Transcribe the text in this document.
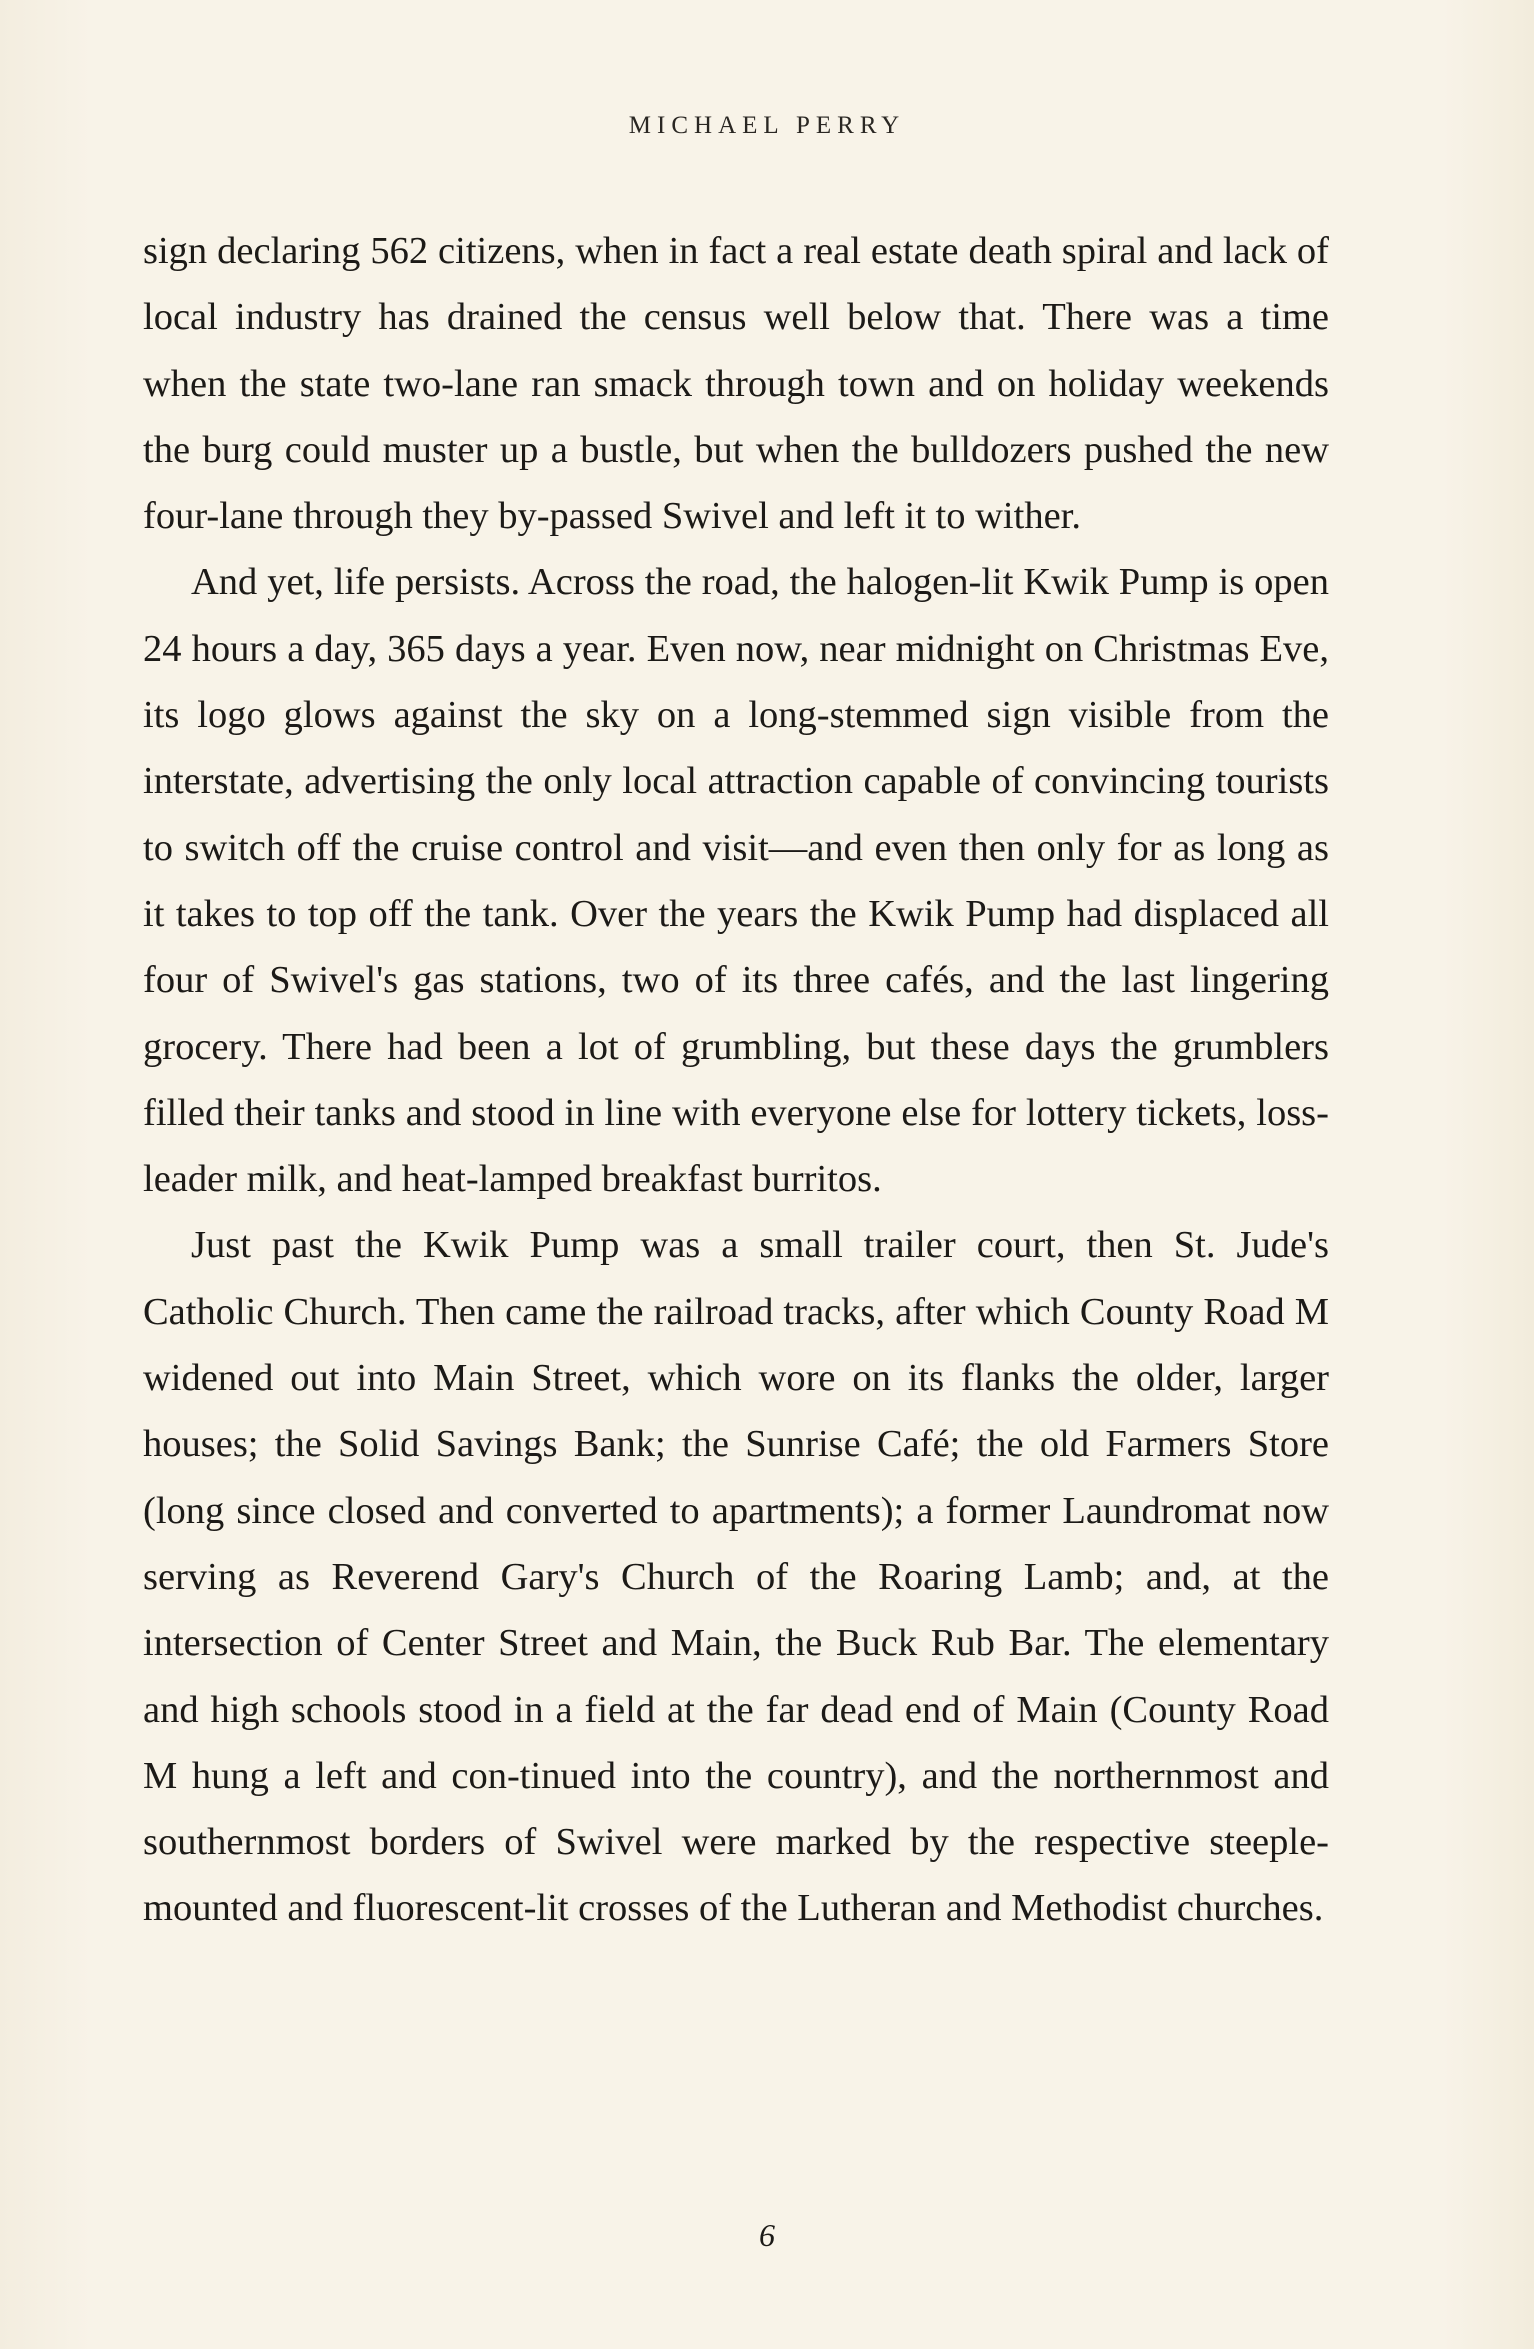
MICHAEL PERRY

sign declaring 562 citizens, when in fact a real estate death spiral and lack of local industry has drained the census well below that. There was a time when the state two-lane ran smack through town and on holiday weekends the burg could muster up a bustle, but when the bulldozers pushed the new four-lane through they by-passed Swivel and left it to wither.

And yet, life persists. Across the road, the halogen-lit Kwik Pump is open 24 hours a day, 365 days a year. Even now, near midnight on Christmas Eve, its logo glows against the sky on a long-stemmed sign visible from the interstate, advertising the only local attraction capable of convincing tourists to switch off the cruise control and visit—and even then only for as long as it takes to top off the tank. Over the years the Kwik Pump had displaced all four of Swivel's gas stations, two of its three cafés, and the last lingering grocery. There had been a lot of grumbling, but these days the grumblers filled their tanks and stood in line with everyone else for lottery tickets, loss-leader milk, and heat-lamped breakfast burritos.

Just past the Kwik Pump was a small trailer court, then St. Jude's Catholic Church. Then came the railroad tracks, after which County Road M widened out into Main Street, which wore on its flanks the older, larger houses; the Solid Savings Bank; the Sunrise Café; the old Farmers Store (long since closed and converted to apartments); a former Laundromat now serving as Reverend Gary's Church of the Roaring Lamb; and, at the intersection of Center Street and Main, the Buck Rub Bar. The elementary and high schools stood in a field at the far dead end of Main (County Road M hung a left and con-tinued into the country), and the northernmost and southernmost borders of Swivel were marked by the respective steeple-mounted and fluorescent-lit crosses of the Lutheran and Methodist churches.

6
